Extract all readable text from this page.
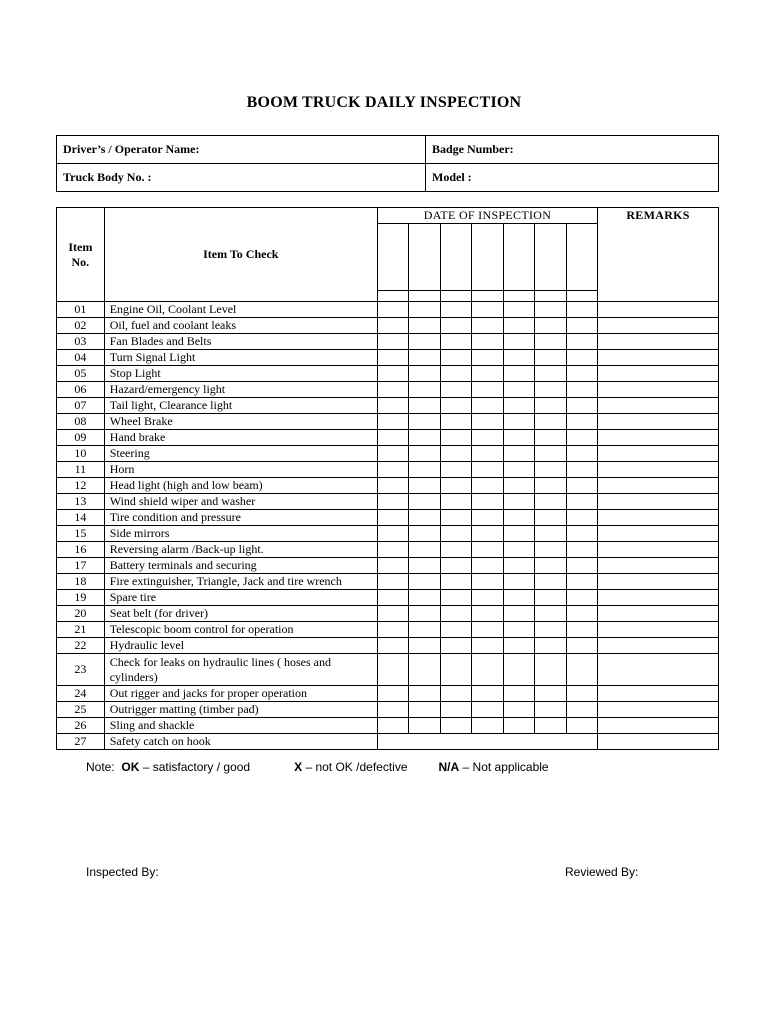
BOOM TRUCK DAILY INSPECTION
Driver’s / Operator Name:	Badge Number:
Truck Body No. :	Model :
Item
No.	Item To Check	DATE OF INSPECTION							REMARKS

01	Engine Oil, Coolant Level								
02	Oil, fuel and coolant leaks								
03	Fan Blades and Belts								
04	Turn Signal Light								
05	Stop Light								
06	Hazard/emergency light								
07	Tail light, Clearance light								
08	Wheel Brake								
09	Hand brake								
10	Steering								
11	Horn								
12	Head light (high and low beam)								
13	Wind shield wiper and washer								
14	Tire condition and pressure								
15	Side mirrors								
16	Reversing alarm /Back-up light.								
17	Battery terminals and securing								
18	Fire extinguisher, Triangle, Jack and tire wrench								
19	Spare tire								
20	Seat belt (for driver)								
21	Telescopic boom control for operation								
22	Hydraulic level								
23	Check for leaks on hydraulic lines ( hoses and cylinders)								
24	Out rigger and jacks for proper operation								
25	Outrigger matting (timber pad)								
26	Sling and shackle								
27	Safety catch on hook								
Note: OK – satisfactory / good	X – not OK /defective	N/A – Not applicable
Inspected By:	Reviewed By:
